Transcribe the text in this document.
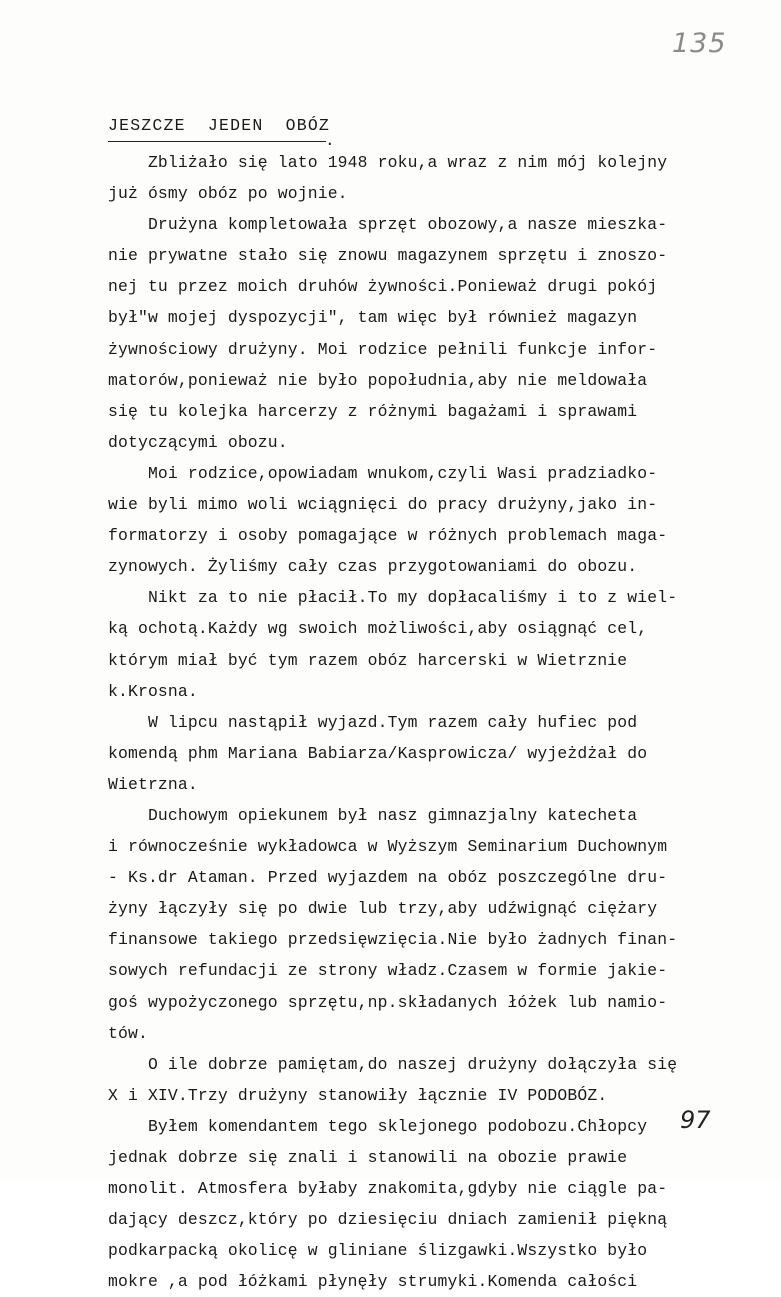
135
JESZCZE  JEDEN  OBÓZ
.
Zbliżało się lato 1948 roku,a wraz z nim mój kolejny
już ósmy obóz po wojnie.
Drużyna kompletowała sprzęt obozowy,a nasze mieszka-
nie prywatne stało się znowu magazynem sprzętu i znoszo-
nej tu przez moich druhów żywności.Ponieważ drugi pokój
był"w mojej dyspozycji", tam więc był również magazyn
żywnościowy drużyny. Moi rodzice pełnili funkcje infor-
matorów,ponieważ nie było popołudnia,aby nie meldowała
się tu kolejka harcerzy z różnymi bagażami i sprawami
dotyczącymi obozu.
Moi rodzice,opowiadam wnukom,czyli Wasi pradziadko-
wie byli mimo woli wciągnięci do pracy drużyny,jako in-
formatorzy i osoby pomagające w różnych problemach maga-
zynowych. Żyliśmy cały czas przygotowaniami do obozu.
Nikt za to nie płacił.To my dopłacaliśmy i to z wiel-
ką ochotą.Każdy wg swoich możliwości,aby osiągnąć cel,
którym miał być tym razem obóz harcerski w Wietrznie
k.Krosna.
W lipcu nastąpił wyjazd.Tym razem cały hufiec pod
komendą phm Mariana Babiarza/Kasprowicza/ wyjeżdżał do
Wietrzna.
Duchowym opiekunem był nasz gimnazjalny katecheta
i równocześnie wykładowca w Wyższym Seminarium Duchownym
- Ks.dr Ataman. Przed wyjazdem na obóz poszczególne dru-
żyny łączyły się po dwie lub trzy,aby udźwignąć ciężary
finansowe takiego przedsięwzięcia.Nie było żadnych finan-
sowych refundacji ze strony władz.Czasem w formie jakie-
goś wypożyczonego sprzętu,np.składanych łóżek lub namio-
tów.
O ile dobrze pamiętam,do naszej drużyny dołączyła się
X i XIV.Trzy drużyny stanowiły łącznie IV PODOBÓZ.
Byłem komendantem tego sklejonego podobozu.Chłopcy
jednak dobrze się znali i stanowili na obozie prawie
monolit. Atmosfera byłaby znakomita,gdyby nie ciągle pa-
dający deszcz,który po dziesięciu dniach zamienił piękną
podkarpacką okolicę w gliniane ślizgawki.Wszystko było
mokre ,a pod łóżkami płynęły strumyki.Komenda całości
97
